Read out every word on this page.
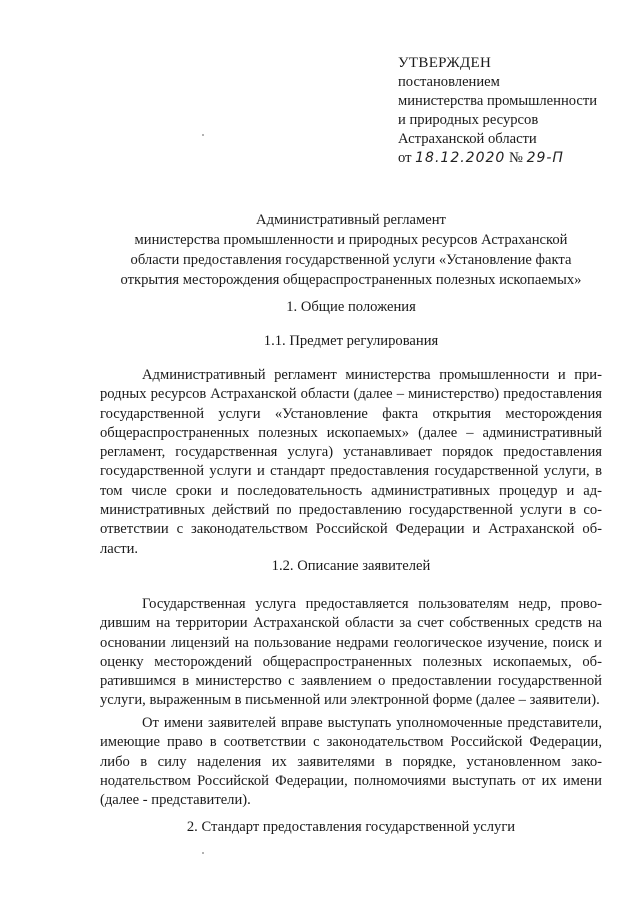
УТВЕРЖДЕН
постановлением
министерства промышленности
и природных ресурсов
Астраханской области
от 18.12.2020 № 29-П
Административный регламент
министерства промышленности и природных ресурсов Астраханской
области предоставления государственной услуги «Установление факта
открытия месторождения общераспространенных полезных ископаемых»
1. Общие положения
1.1. Предмет регулирования
Административный регламент министерства промышленности и природных ресурсов Астраханской области (далее – министерство) предоставления государственной услуги «Установление факта открытия месторождения общераспространенных полезных ископаемых» (далее – административный регламент, государственная услуга) устанавливает порядок предоставления государственной услуги и стандарт предоставления государственной услуги, в том числе сроки и последовательность административных процедур и административных действий по предоставлению государственной услуги в соответствии с законодательством Российской Федерации и Астраханской области.
1.2. Описание заявителей
Государственная услуга предоставляется пользователям недр, проводившим на территории Астраханской области за счет собственных средств на основании лицензий на пользование недрами геологическое изучение, поиск и оценку месторождений общераспространенных полезных ископаемых, обратившимся в министерство с заявлением о предоставлении государственной услуги, выраженным в письменной или электронной форме (далее – заявители).
От имени заявителей вправе выступать уполномоченные представители, имеющие право в соответствии с законодательством Российской Федерации, либо в силу наделения их заявителями в порядке, установленном законодательством Российской Федерации, полномочиями выступать от их имени (далее - представители).
2. Стандарт предоставления государственной услуги
